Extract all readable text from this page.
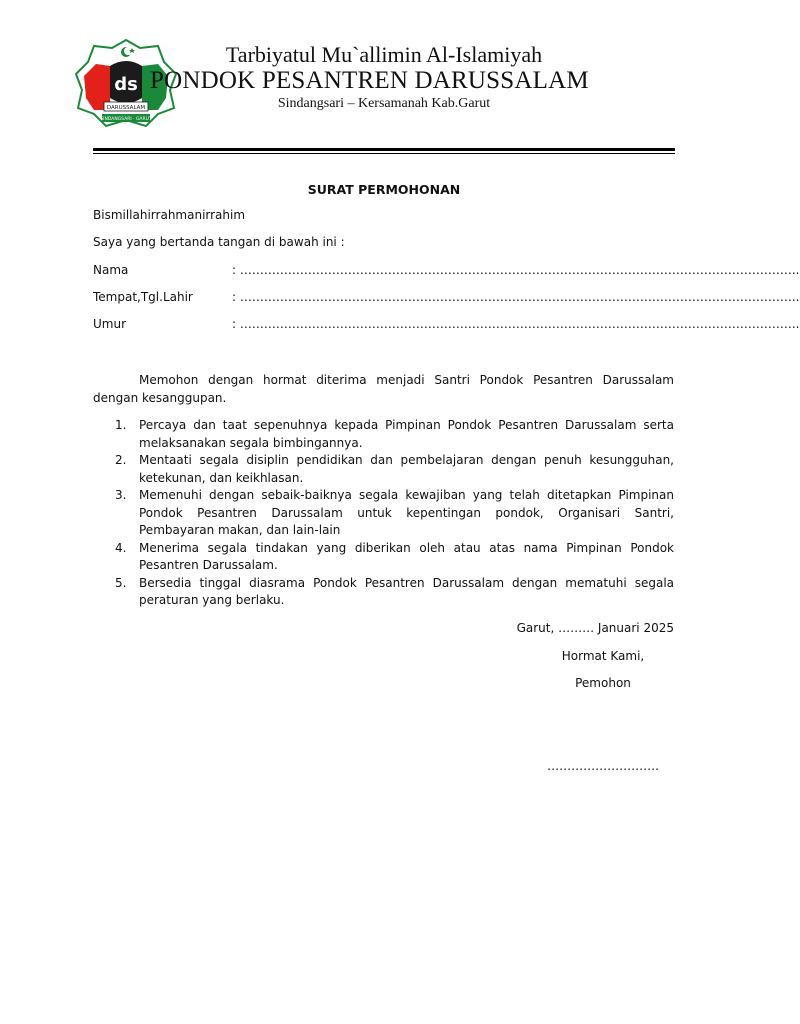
ds
DARUSSALAM
SINDANGSARI · GARUT
Tarbiyatul Mu`allimin Al-Islamiyah
PONDOK PESANTREN DARUSSALAM
Sindangsari – Kersamanah Kab.Garut
SURAT PERMOHONAN
Bismillahirrahmanirrahim
Saya yang bertanda tangan di bawah ini :
Nama	: …………………………………………………………………………………………………………………………..
Tempat,Tgl.Lahir	: …………………………………………………………………………………………………………………………..
Umur	: …………………………………………………………………………………………………………………………..
Memohon dengan hormat diterima menjadi Santri Pondok Pesantren Darussalam dengan kesanggupan.
1. Percaya dan taat sepenuhnya kepada Pimpinan Pondok Pesantren Darussalam serta melaksanakan segala bimbingannya.
2. Mentaati segala disiplin pendidikan dan pembelajaran dengan penuh kesungguhan, ketekunan, dan keikhlasan.
3. Memenuhi dengan sebaik-baiknya segala kewajiban yang telah ditetapkan Pimpinan Pondok Pesantren Darussalam untuk kepentingan pondok, Organisari Santri, Pembayaran makan, dan lain-lain
4. Menerima segala tindakan yang diberikan oleh atau atas nama Pimpinan Pondok Pesantren Darussalam.
5. Bersedia tinggal diasrama Pondok Pesantren Darussalam dengan mematuhi segala peraturan yang berlaku.
Garut, ……… Januari 2025
Hormat Kami,
Pemohon
……………………….
